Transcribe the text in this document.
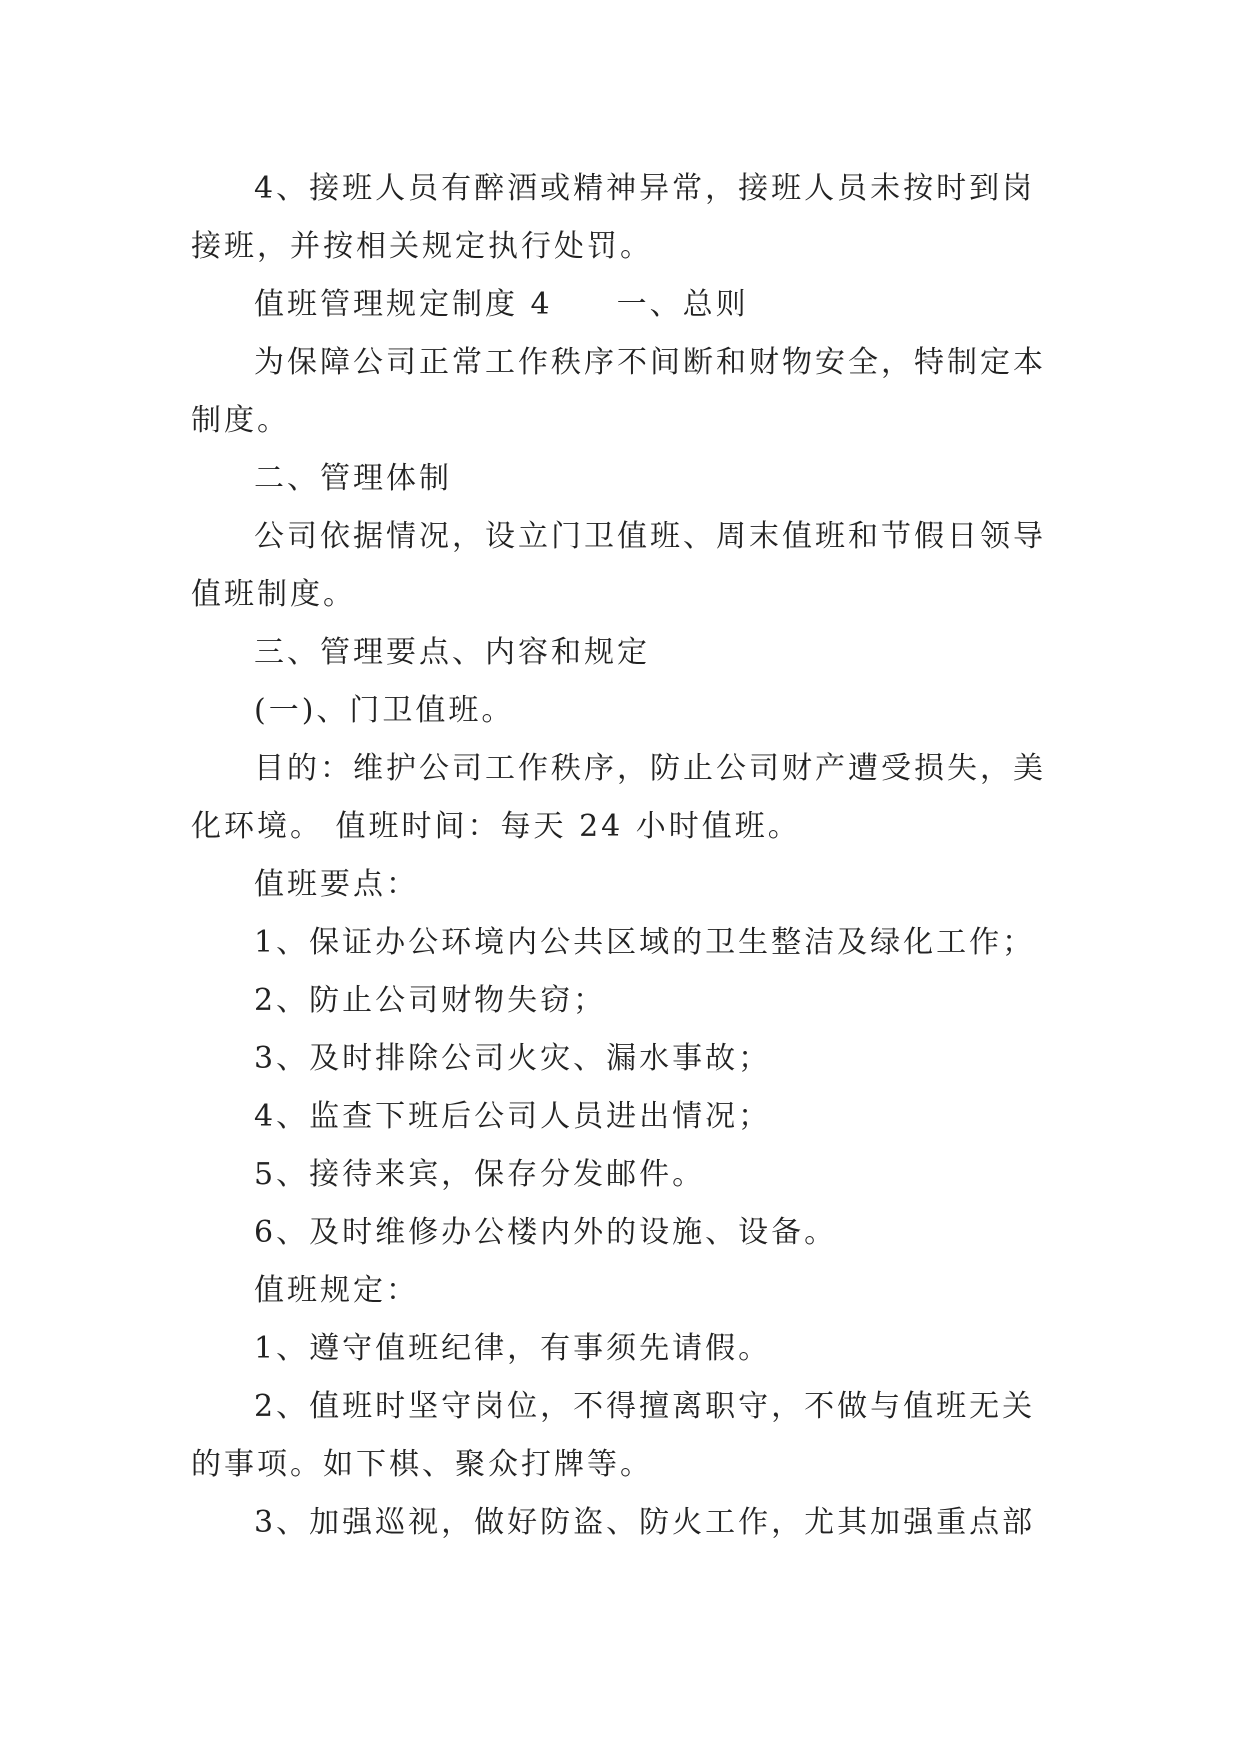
4、接班人员有醉酒或精神异常，接班人员未按时到岗
接班，并按相关规定执行处罚。
值班管理规定制度 4 一、总则
为保障公司正常工作秩序不间断和财物安全，特制定本
制度。
二、管理体制
公司依据情况，设立门卫值班、周末值班和节假日领导
值班制度。
三、管理要点、内容和规定
(一)、门卫值班。
目的：维护公司工作秩序，防止公司财产遭受损失，美
化环境。 值班时间：每天 24 小时值班。
值班要点：
1、保证办公环境内公共区域的卫生整洁及绿化工作；
2、防止公司财物失窃；
3、及时排除公司火灾、漏水事故；
4、监查下班后公司人员进出情况；
5、接待来宾，保存分发邮件。
6、及时维修办公楼内外的设施、设备。
值班规定：
1、遵守值班纪律，有事须先请假。
2、值班时坚守岗位，不得擅离职守，不做与值班无关
的事项。如下棋、聚众打牌等。
3、加强巡视，做好防盗、防火工作，尤其加强重点部
